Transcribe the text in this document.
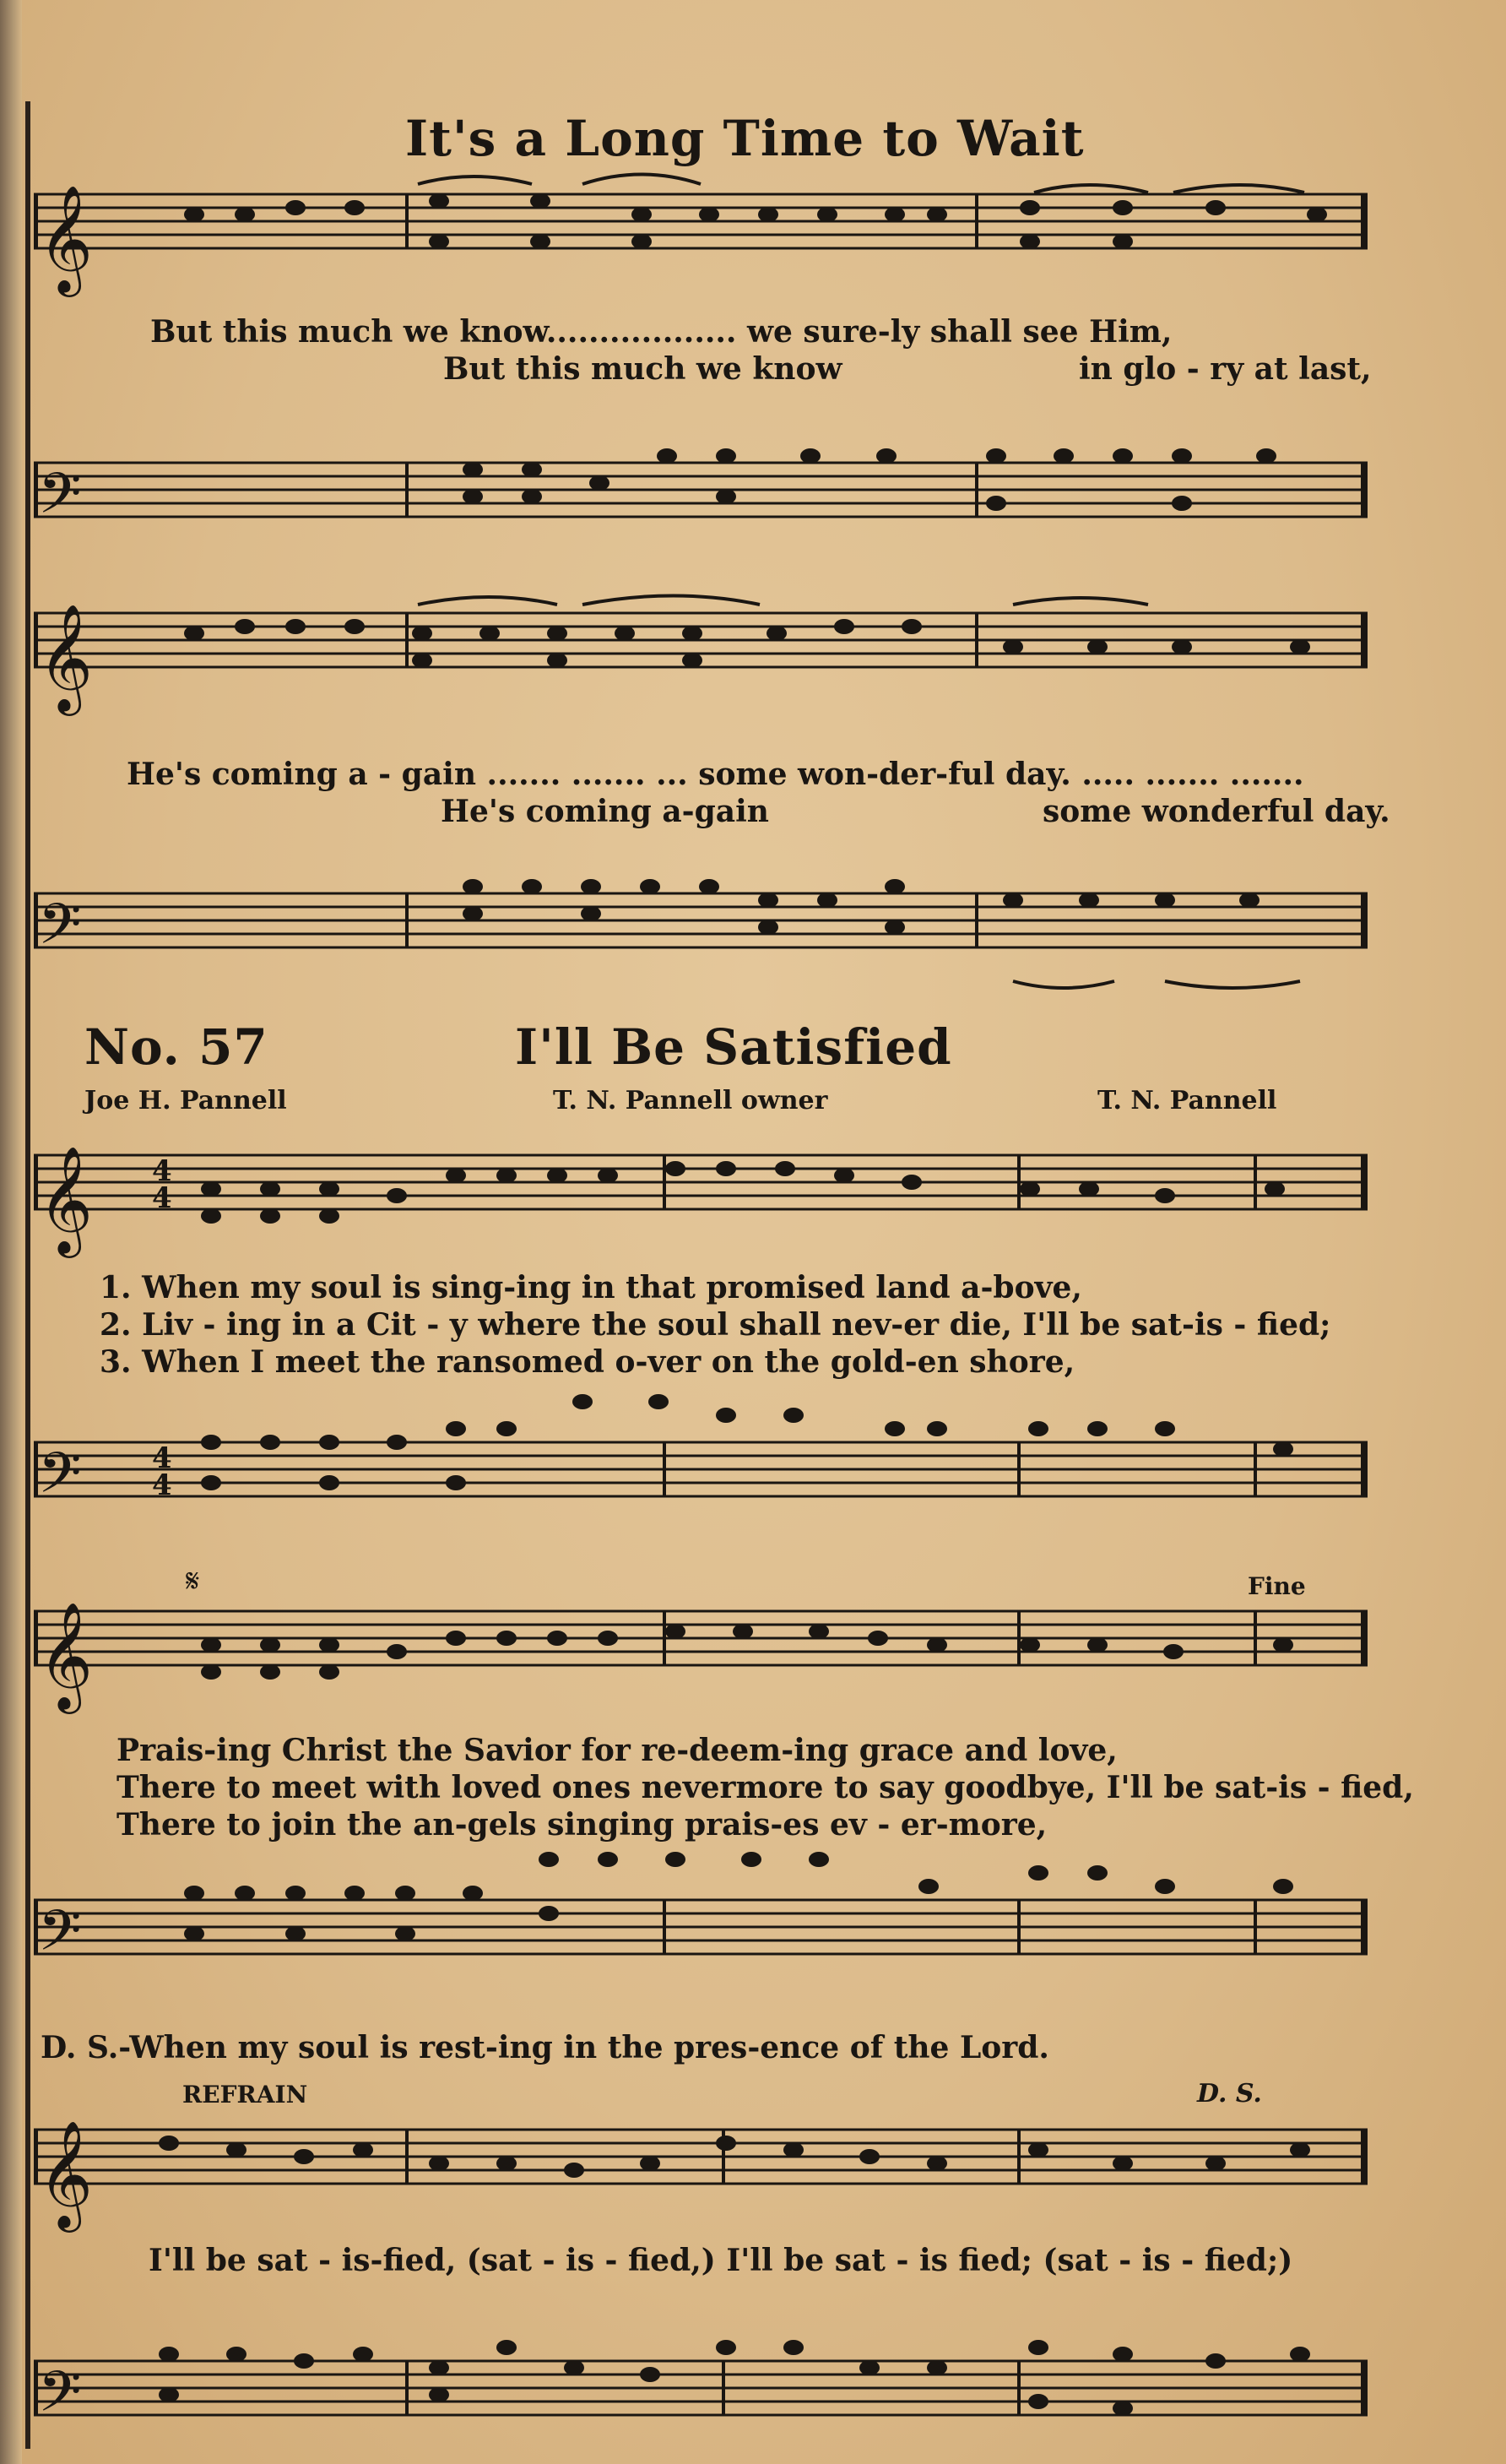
𝄞
𝄞
𝄞
𝄞
𝄞
𝄢
𝄢
𝄢
𝄢
𝄢
4
4
4
4
𝄋
It's a Long Time to Wait
But this much we know.................. we sure-ly shall see Him,
But this much we know	in glo - ry at last,
He's coming a - gain ....... ....... ... some won-der-ful day. ..... ....... .......
He's coming a-gain	some wonderful day.
No. 57	I'll Be Satisfied
Joe H. Pannell	T. N. Pannell owner	T. N. Pannell
1. When my soul is sing-ing in that promised land a-bove,
2. Liv - ing in a Cit - y where the soul shall nev-er die, I'll be sat-is - fied;
3. When I meet the ransomed o-ver on the gold-en shore,
Fine
Prais-ing Christ the Savior for re-deem-ing grace and love,
There to meet with loved ones nevermore to say goodbye, I'll be sat-is - fied,
There to join the an-gels singing prais-es ev - er-more,
D. S.-When my soul is rest-ing in the pres-ence of the Lord.
REFRAIN	D. S.
I'll be sat - is-fied, (sat - is - fied,) I'll be sat - is fied; (sat - is - fied;)
